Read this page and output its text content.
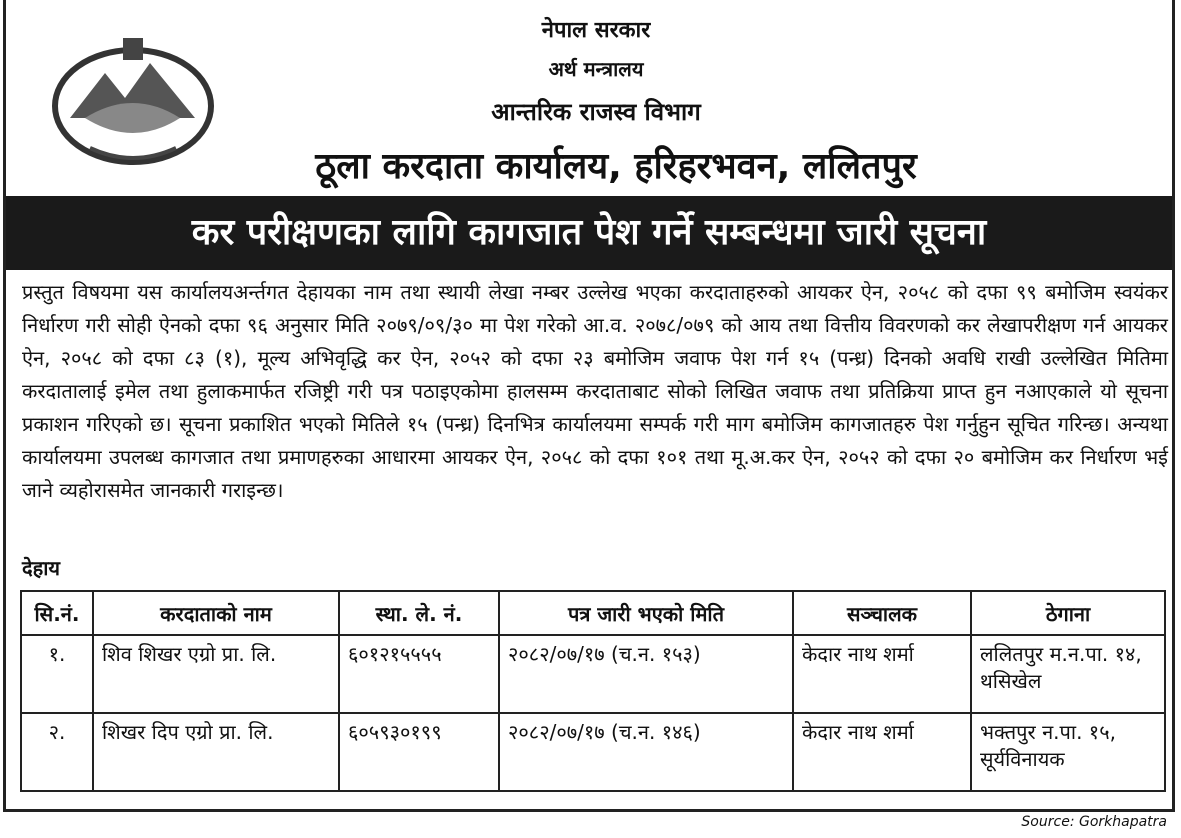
नेपाल सरकार
अर्थ मन्त्रालय
आन्तरिक राजस्व विभाग
ठूला करदाता कार्यालय, हरिहरभवन, ललितपुर
कर परीक्षणका लागि कागजात पेश गर्ने सम्बन्धमा जारी सूचना
प्रस्तुत विषयमा यस कार्यालयअर्न्तगत देहायका नाम तथा स्थायी लेखा नम्बर उल्लेख भएका करदाताहरुको आयकर ऐन, २०५८ को दफा ९९ बमोजिम स्वयंकर निर्धारण गरी सोही ऐनको दफा ९६ अनुसार मिति २०७९/०९/३० मा पेश गरेको आ.व. २०७८/०७९ को आय तथा वित्तीय विवरणको कर लेखापरीक्षण गर्न आयकर ऐन, २०५८ को दफा ८३ (१), मूल्य अभिवृद्धि कर ऐन, २०५२ को दफा २३ बमोजिम जवाफ पेश गर्न १५ (पन्ध्र) दिनको अवधि राखी उल्लेखित मितिमा करदातालाई इमेल तथा हुलाकमार्फत रजिष्ट्री गरी पत्र पठाइएकोमा हालसम्म करदाताबाट सोको लिखित जवाफ तथा प्रतिक्रिया प्राप्त हुन नआएकाले यो सूचना प्रकाशन गरिएको छ। सूचना प्रकाशित भएको मितिले १५ (पन्ध्र) दिनभित्र कार्यालयमा सम्पर्क गरी माग बमोजिम कागजातहरु पेश गर्नुहुन सूचित गरिन्छ। अन्यथा कार्यालयमा उपलब्ध कागजात तथा प्रमाणहरुका आधारमा आयकर ऐन, २०५८ को दफा १०१ तथा मू.अ.कर ऐन, २०५२ को दफा २० बमोजिम कर निर्धारण भई जाने व्यहोरासमेत जानकारी गराइन्छ।
देहाय
सि.नं.	करदाताको नाम	स्था. ले. नं.	पत्र जारी भएको मिति	सञ्चालक	ठेगाना
१.	शिव शिखर एग्रो प्रा. लि.	६०१२१५५५५	२०८२/०७/१७ (च.न. १५३)	केदार नाथ शर्मा	ललितपुर म.न.पा. १४, थसिखेल
२.	शिखर दिप एग्रो प्रा. लि.	६०५९३०१९९	२०८२/०७/१७ (च.न. १४६)	केदार नाथ शर्मा	भक्तपुर न.पा. १५, सूर्यविनायक
Source: Gorkhapatra
